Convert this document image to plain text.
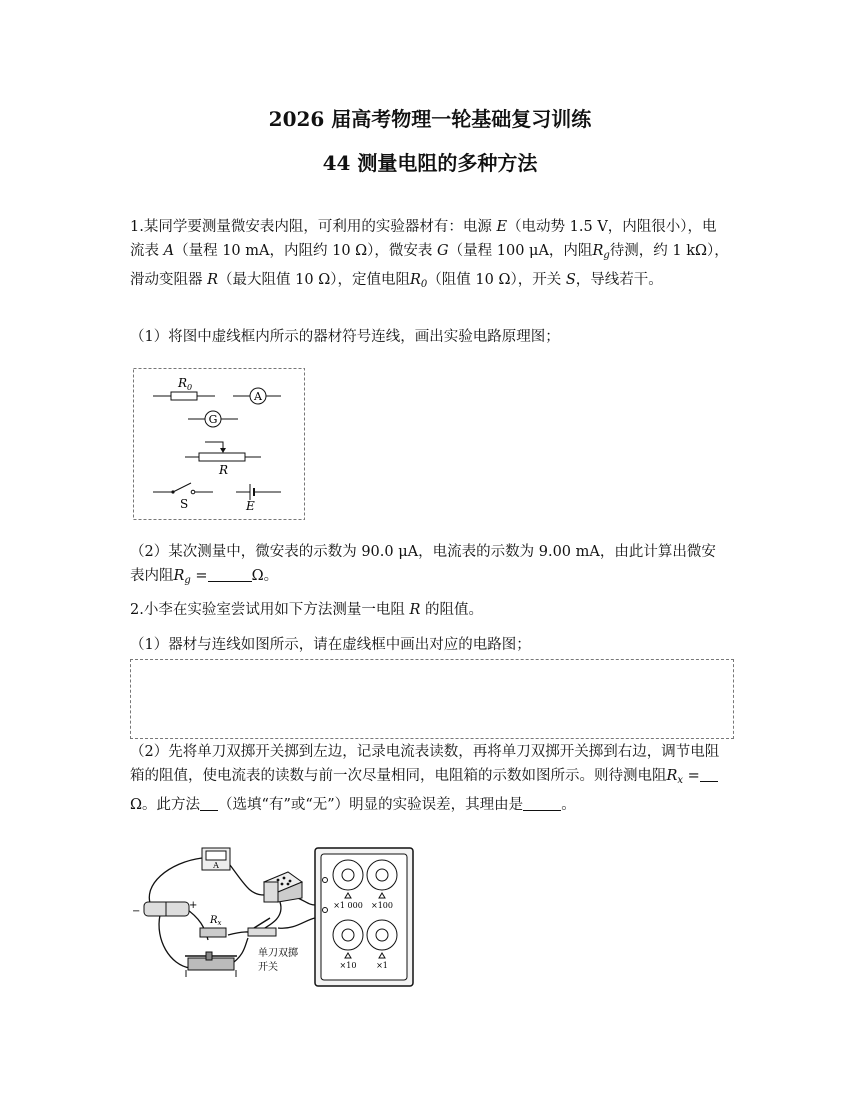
2026 届高考物理一轮基础复习训练
44 测量电阻的多种方法

1.某同学要测量微安表内阻，可利用的实验器材有：电源 E（电动势 1.5 V，内阻很小），电流表 A（量程 10 mA，内阻约 10 Ω），微安表 G（量程 100 μA，内阻$R_g$待测，约 1 kΩ），滑动变阻器 R（最大阻值 10 Ω），定值电阻$R_0$（阻值 10 Ω），开关 S，导线若干。

（1）将图中虚线框内所示的器材符号连线，画出实验电路原理图；

$R_0$
A
G
R
S	E

（2）某次测量中，微安表的示数为 90.0 μA，电流表的示数为 9.00 mA，由此计算出微安表内阻$R_g$ =	Ω。

2.小李在实验室尝试用如下方法测量一电阻 R 的阻值。

（1）器材与连线如图所示，请在虚线框中画出对应的电路图；

（2）先将单刀双掷开关掷到左边，记录电流表读数，再将单刀双掷开关掷到右边，调节电阻箱的阻值，使电流表的读数与前一次尽量相同，电阻箱的示数如图所示。则待测电阻$R_x =\Omega$。此方法 （选填“有”或“无”）明显的实验误差，其理由是	。

A
−
+
$R_x$
单刀双掷
开关
×1 000 ×100
×10 ×1
